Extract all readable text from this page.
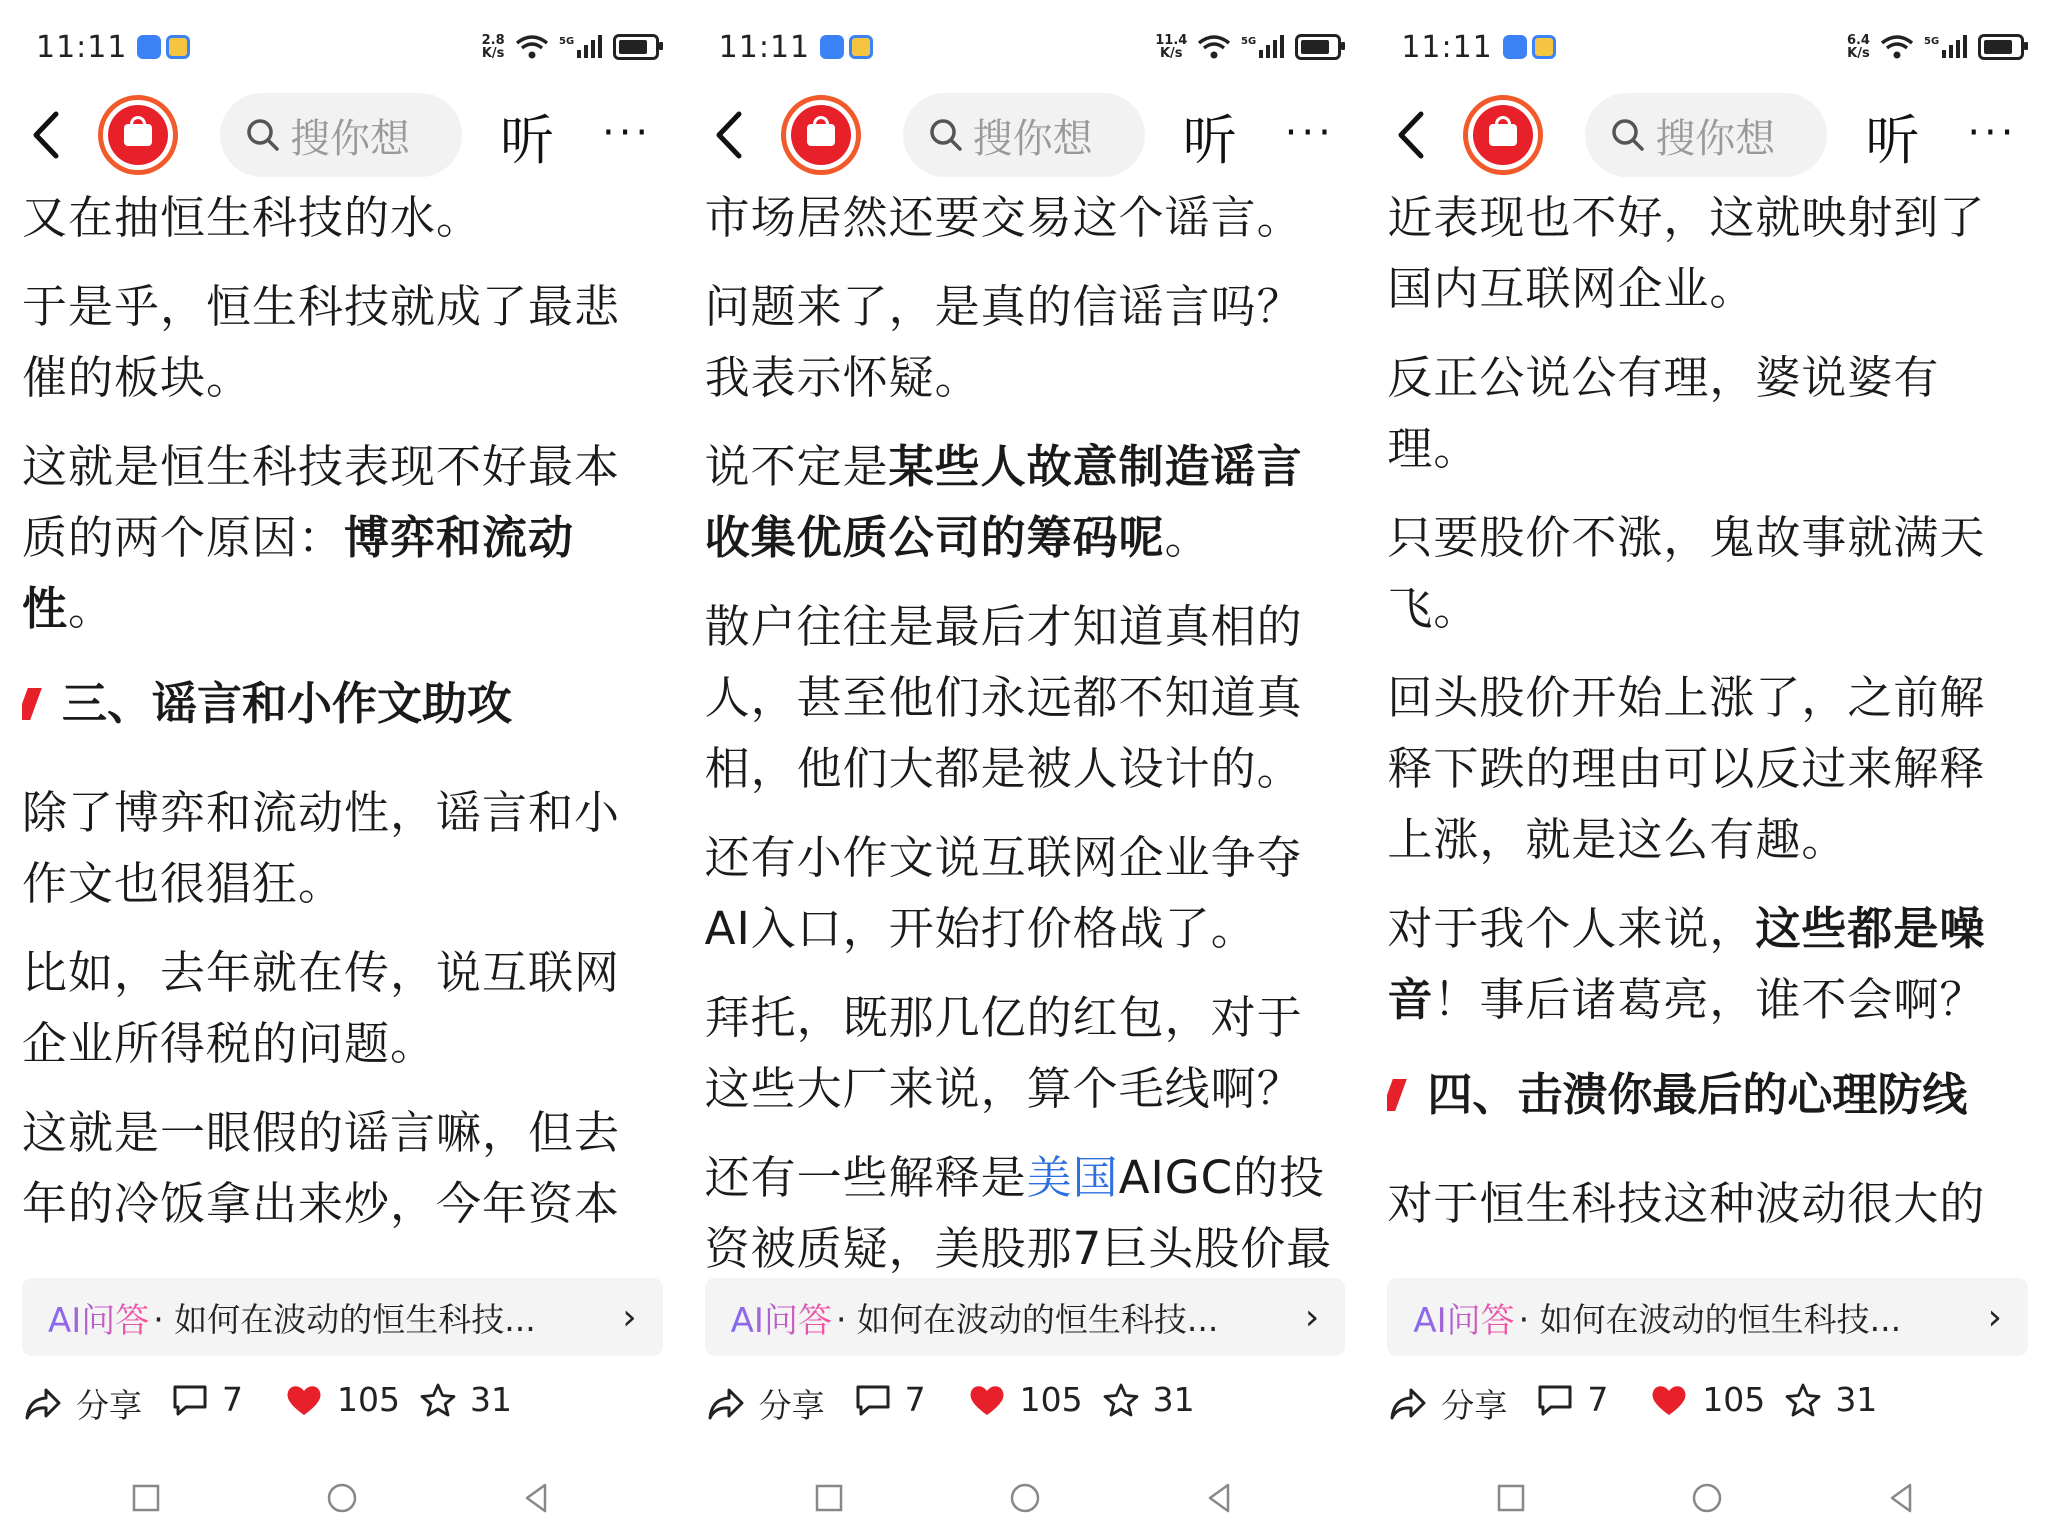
11:11	2.8
K/s
5G
搜你想 听 ···

又在抽恒生科技的水。

于是乎，恒生科技就成了最悲催的板块。

这就是恒生科技表现不好最本质的两个原因：博弈和流动性。

三、谣言和小作文助攻

除了博弈和流动性，谣言和小作文也很猖狂。

比如，去年就在传，说互联网企业所得税的问题。

这就是一眼假的谣言嘛，但去年的冷饭拿出来炒，今年资本

AI问答 · 如何在波动的恒生科技...	›
分享 7	105 31
11:11	11.4
K/s
5G
搜你想 听 ···

市场居然还要交易这个谣言。

问题来了，是真的信谣言吗？我表示怀疑。

说不定是某些人故意制造谣言收集优质公司的筹码呢。

散户往往是最后才知道真相的人，甚至他们永远都不知道真相，他们大都是被人设计的。

还有小作文说互联网企业争夺AI入口，开始打价格战了。

拜托，既那几亿的红包，对于这些大厂来说，算个毛线啊？

还有一些解释是美国AIGC的投资被质疑，美股那7巨头股价最

AI问答 · 如何在波动的恒生科技...	›
分享 7	105 31
11:11	6.4
K/s
5G
搜你想 听 ···

近表现也不好，这就映射到了国内互联网企业。

反正公说公有理，婆说婆有理。

只要股价不涨，鬼故事就满天飞。

回头股价开始上涨了，之前解释下跌的理由可以反过来解释上涨，就是这么有趣。

对于我个人来说，这些都是噪音！事后诸葛亮，谁不会啊？

四、击溃你最后的心理防线

对于恒生科技这种波动很大的

AI问答 · 如何在波动的恒生科技...	›
分享 7	105 31
